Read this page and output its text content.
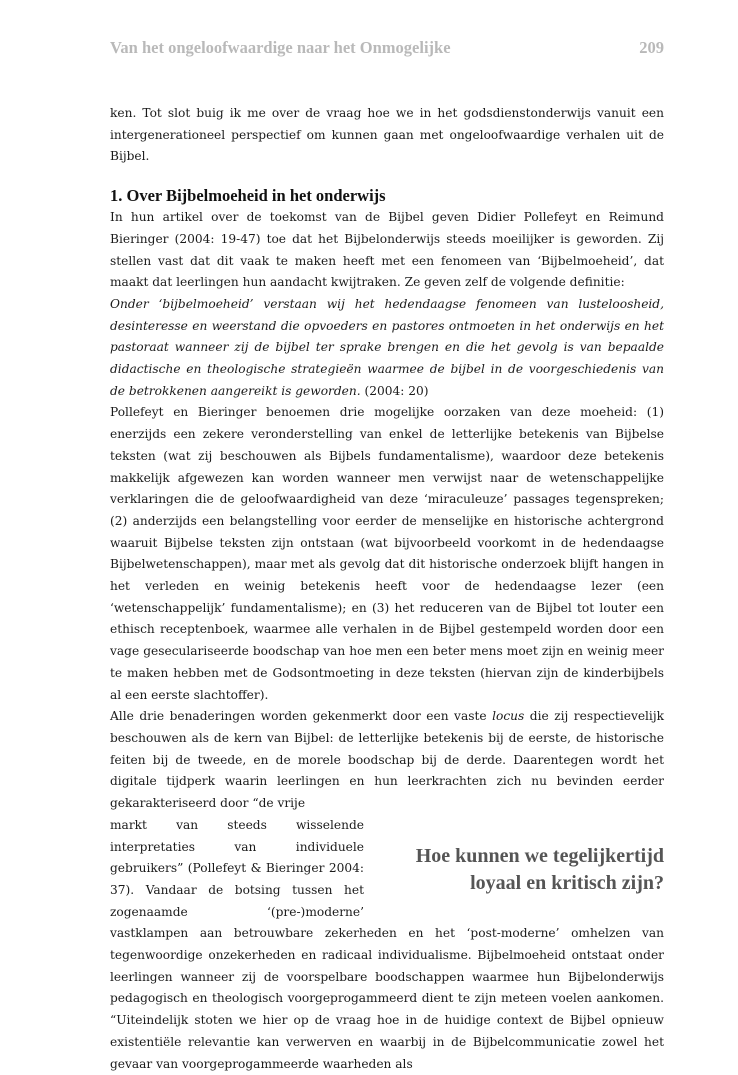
Van het ongeloofwaardige naar het Onmogelijke	209

ken. Tot slot buig ik me over de vraag hoe we in het godsdienstonderwijs vanuit een intergenerationeel perspectief om kunnen gaan met ongeloofwaardige verhalen uit de Bijbel.

1. Over Bijbelmoeheid in het onderwijs

In hun artikel over de toekomst van de Bijbel geven Didier Pollefeyt en Reimund Bieringer (2004: 19-47) toe dat het Bijbelonderwijs steeds moeilijker is geworden. Zij stellen vast dat dit vaak te maken heeft met een fenomeen van ‘Bijbelmoeheid’, dat maakt dat leerlingen hun aandacht kwijtraken. Ze geven zelf de volgende definitie:

Onder ‘bijbelmoeheid’ verstaan wij het hedendaagse fenomeen van lusteloosheid, desinteresse en weerstand die opvoeders en pastores ontmoeten in het onderwijs en het pastoraat wanneer zij de bijbel ter sprake brengen en die het gevolg is van bepaalde didactische en theologische strategieën waarmee de bijbel in de voorgeschiedenis van de betrokkenen aangereikt is geworden. (2004: 20)

Pollefeyt en Bieringer benoemen drie mogelijke oorzaken van deze moeheid: (1) enerzijds een zekere veronderstelling van enkel de letterlijke betekenis van Bijbelse teksten (wat zij beschouwen als Bijbels fundamentalisme), waardoor deze betekenis makkelijk afgewezen kan worden wanneer men verwijst naar de wetenschappelijke verklaringen die de geloofwaardigheid van deze ‘miraculeuze’ passages tegenspreken; (2) anderzijds een belangstelling voor eerder de menselijke en historische achtergrond waaruit Bijbelse teksten zijn ontstaan (wat bijvoorbeeld voorkomt in de hedendaagse Bijbelwetenschappen), maar met als gevolg dat dit historische onderzoek blijft hangen in het verleden en weinig betekenis heeft voor de hedendaagse lezer (een ‘wetenschappelijk’ fundamentalisme); en (3) het reduceren van de Bijbel tot louter een ethisch receptenboek, waarmee alle verhalen in de Bijbel gestempeld worden door een vage geseculariseerde boodschap van hoe men een beter mens moet zijn en weinig meer te maken hebben met de Godsontmoeting in deze teksten (hiervan zijn de kinderbijbels al een eerste slachtoffer).

Alle drie benaderingen worden gekenmerkt door een vaste locus die zij respectievelijk beschouwen als de kern van Bijbel: de letterlijke betekenis bij de eerste, de historische feiten bij de tweede, en de morele boodschap bij de derde. Daarentegen wordt het digitale tijdperk waarin leerlingen en hun leerkrachten zich nu bevinden eerder gekarakteriseerd door “de vrije

Hoe kunnen we tegelijkertijd
loyaal en kritisch zijn?

markt van steeds wisselende interpretaties van individuele gebruikers” (Pollefeyt & Bieringer 2004: 37). Vandaar de botsing tussen het zogenaamde ‘(pre-)moderne’ vastklampen aan betrouwbare zekerheden en het ‘post-moderne’ omhelzen van tegenwoordige onzekerheden en radicaal individualisme. Bijbelmoeheid ontstaat onder leerlingen wanneer zij de voorspelbare boodschappen waarmee hun Bijbelonderwijs pedagogisch en theologisch voorgeprogammeerd dient te zijn meteen voelen aankomen. “Uiteindelijk stoten we hier op de vraag hoe in de huidige context de Bijbel opnieuw existentiële relevantie kan verwerven en waarbij in de Bijbelcommunicatie zowel het gevaar van voorgeprogammeerde waarheden als
